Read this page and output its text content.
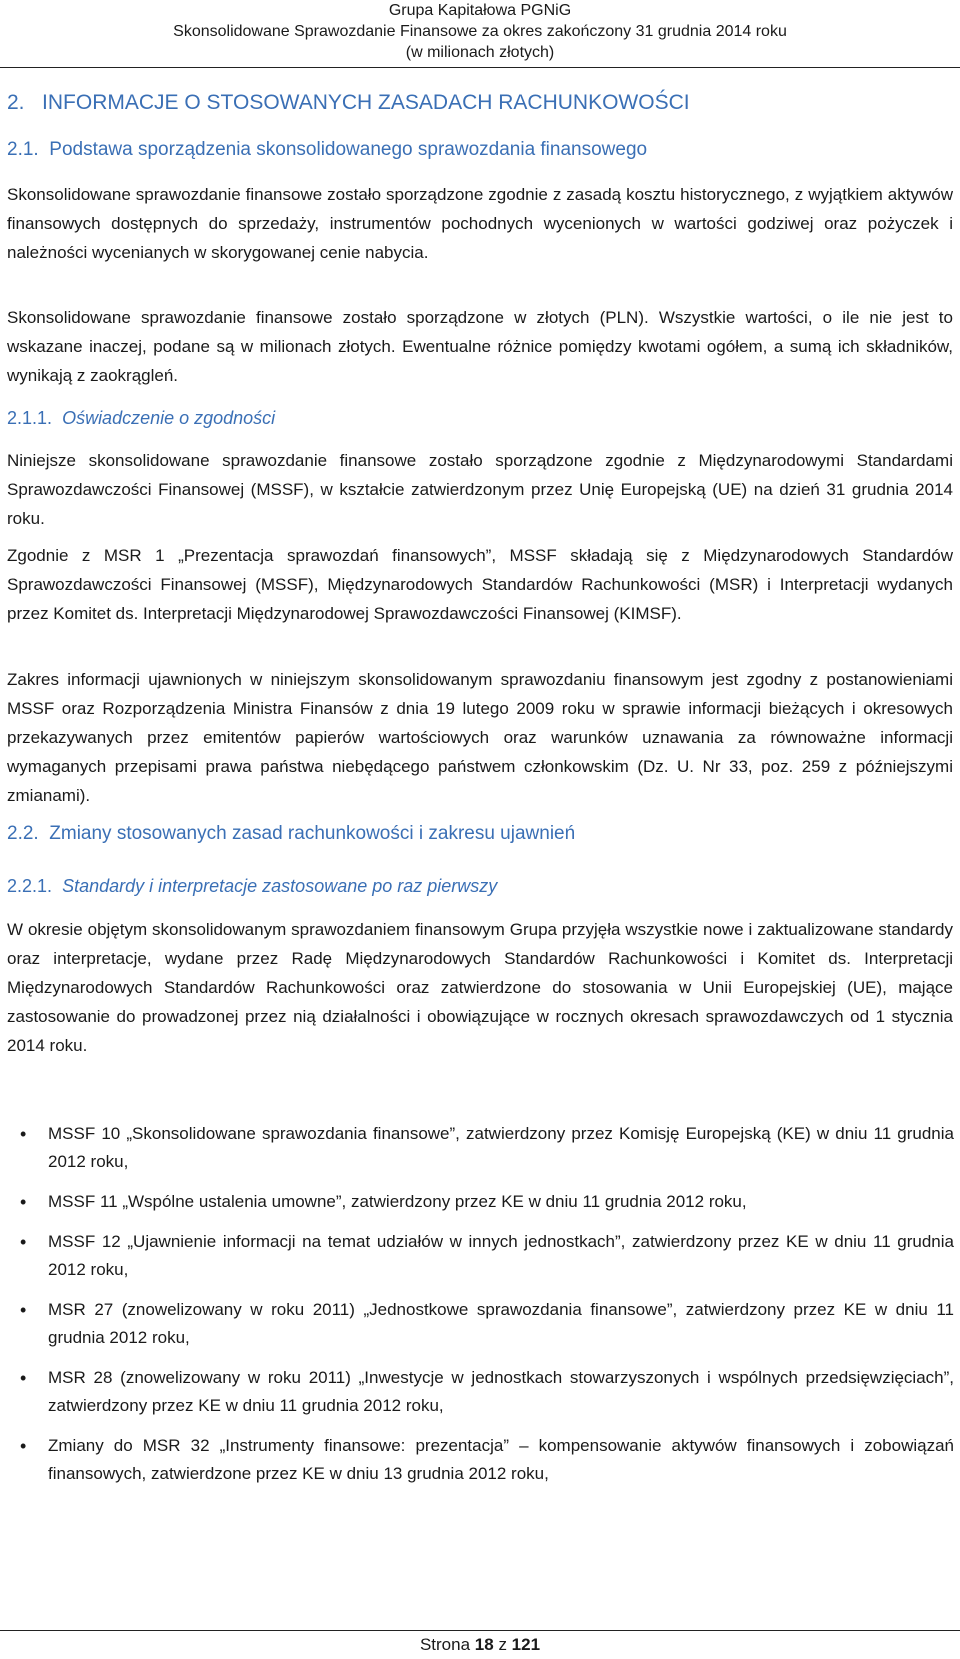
Grupa Kapitałowa PGNiG
Skonsolidowane Sprawozdanie Finansowe za okres zakończony 31 grudnia 2014 roku
(w milionach złotych)
2. INFORMACJE O STOSOWANYCH ZASADACH RACHUNKOWOŚCI
2.1. Podstawa sporządzenia skonsolidowanego sprawozdania finansowego
Skonsolidowane sprawozdanie finansowe zostało sporządzone zgodnie z zasadą kosztu historycznego, z wyjątkiem aktywów finansowych dostępnych do sprzedaży, instrumentów pochodnych wycenionych w wartości godziwej oraz pożyczek i należności wycenianych w skorygowanej cenie nabycia.
Skonsolidowane sprawozdanie finansowe zostało sporządzone w złotych (PLN). Wszystkie wartości, o ile nie jest to wskazane inaczej, podane są w milionach złotych. Ewentualne różnice pomiędzy kwotami ogółem, a sumą ich składników, wynikają z zaokrągleń.
2.1.1. Oświadczenie o zgodności
Niniejsze skonsolidowane sprawozdanie finansowe zostało sporządzone zgodnie z Międzynarodowymi Standardami Sprawozdawczości Finansowej (MSSF), w kształcie zatwierdzonym przez Unię Europejską (UE) na dzień 31 grudnia 2014 roku.
Zgodnie z MSR 1 „Prezentacja sprawozdań finansowych”, MSSF składają się z Międzynarodowych Standardów Sprawozdawczości Finansowej (MSSF), Międzynarodowych Standardów Rachunkowości (MSR) i Interpretacji wydanych przez Komitet ds. Interpretacji Międzynarodowej Sprawozdawczości Finansowej (KIMSF).
Zakres informacji ujawnionych w niniejszym skonsolidowanym sprawozdaniu finansowym jest zgodny z postanowieniami MSSF oraz Rozporządzenia Ministra Finansów z dnia 19 lutego 2009 roku w sprawie informacji bieżących i okresowych przekazywanych przez emitentów papierów wartościowych oraz warunków uznawania za równoważne informacji wymaganych przepisami prawa państwa niebędącego państwem członkowskim (Dz. U. Nr 33, poz. 259 z późniejszymi zmianami).
2.2. Zmiany stosowanych zasad rachunkowości i zakresu ujawnień
2.2.1. Standardy i interpretacje zastosowane po raz pierwszy
W okresie objętym skonsolidowanym sprawozdaniem finansowym Grupa przyjęła wszystkie nowe i zaktualizowane standardy oraz interpretacje, wydane przez Radę Międzynarodowych Standardów Rachunkowości i Komitet ds. Interpretacji Międzynarodowych Standardów Rachunkowości oraz zatwierdzone do stosowania w Unii Europejskiej (UE), mające zastosowanie do prowadzonej przez nią działalności i obowiązujące w rocznych okresach sprawozdawczych od 1 stycznia 2014 roku.
• MSSF 10 „Skonsolidowane sprawozdania finansowe”, zatwierdzony przez Komisję Europejską (KE) w dniu 11 grudnia 2012 roku,
• MSSF 11 „Wspólne ustalenia umowne”, zatwierdzony przez KE w dniu 11 grudnia 2012 roku,
• MSSF 12 „Ujawnienie informacji na temat udziałów w innych jednostkach”, zatwierdzony przez KE w dniu 11 grudnia 2012 roku,
• MSR 27 (znowelizowany w roku 2011) „Jednostkowe sprawozdania finansowe”, zatwierdzony przez KE w dniu 11 grudnia 2012 roku,
• MSR 28 (znowelizowany w roku 2011) „Inwestycje w jednostkach stowarzyszonych i wspólnych przedsięwzięciach”, zatwierdzony przez KE w dniu 11 grudnia 2012 roku,
• Zmiany do MSR 32 „Instrumenty finansowe: prezentacja” – kompensowanie aktywów finansowych i zobowiązań finansowych, zatwierdzone przez KE w dniu 13 grudnia 2012 roku,
Strona 18 z 121
